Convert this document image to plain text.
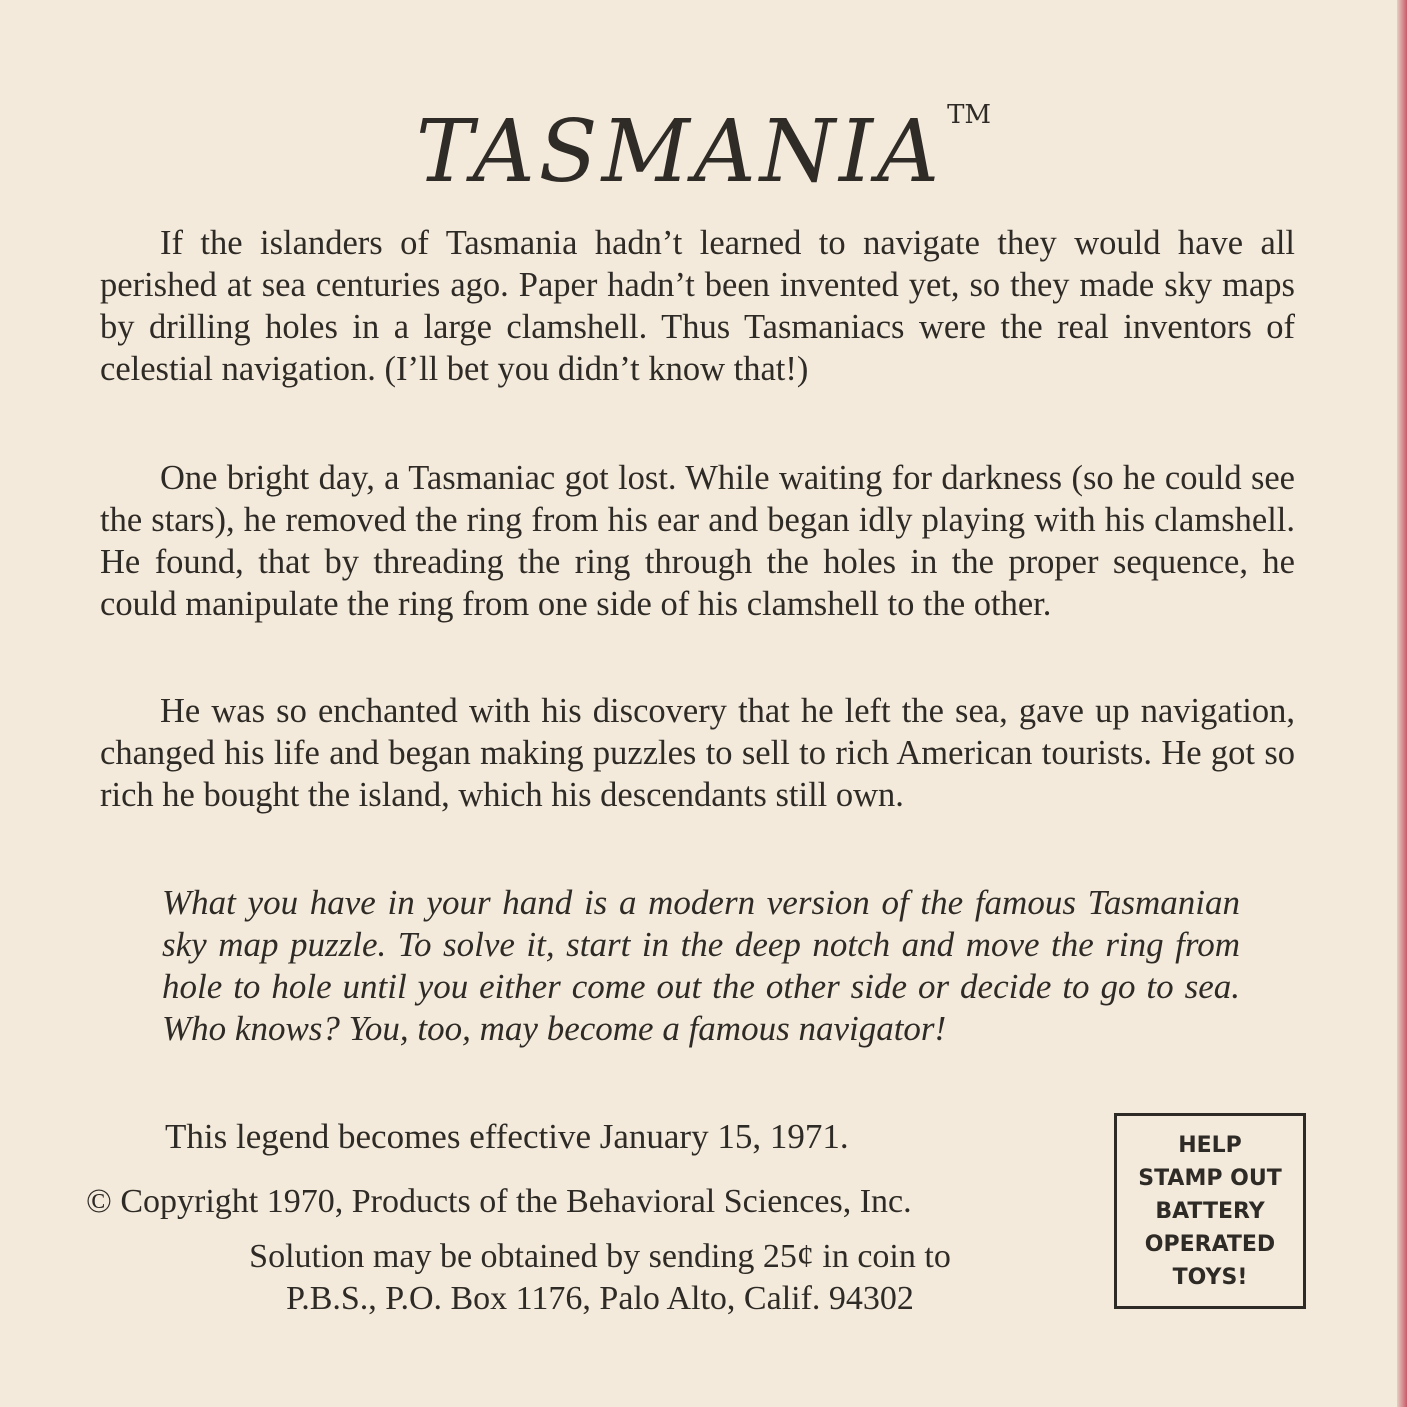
TASMANIA ™

If the islanders of Tasmania hadn’t learned to navigate they would have all perished at sea centuries ago. Paper hadn’t been invented yet, so they made sky maps by drilling holes in a large clamshell. Thus Tasmaniacs were the real inventors of celestial navigation. (I’ll bet you didn’t know that!)

One bright day, a Tasmaniac got lost. While waiting for darkness (so he could see the stars), he removed the ring from his ear and began idly playing with his clamshell. He found, that by threading the ring through the holes in the proper sequence, he could manipulate the ring from one side of his clamshell to the other.

He was so enchanted with his discovery that he left the sea, gave up navigation, changed his life and began making puzzles to sell to rich American tourists. He got so rich he bought the island, which his descendants still own.

What you have in your hand is a modern version of the famous Tasmanian sky map puzzle. To solve it, start in the deep notch and move the ring from hole to hole until you either come out the other side or decide to go to sea. Who knows? You, too, may become a famous navigator!

This legend becomes effective January 15, 1971.
© Copyright 1970, Products of the Behavioral Sciences, Inc.
Solution may be obtained by sending 25¢ in coin to
P.B.S., P.O. Box 1176, Palo Alto, Calif. 94302
HELP
STAMP OUT
BATTERY
OPERATED
TOYS!
